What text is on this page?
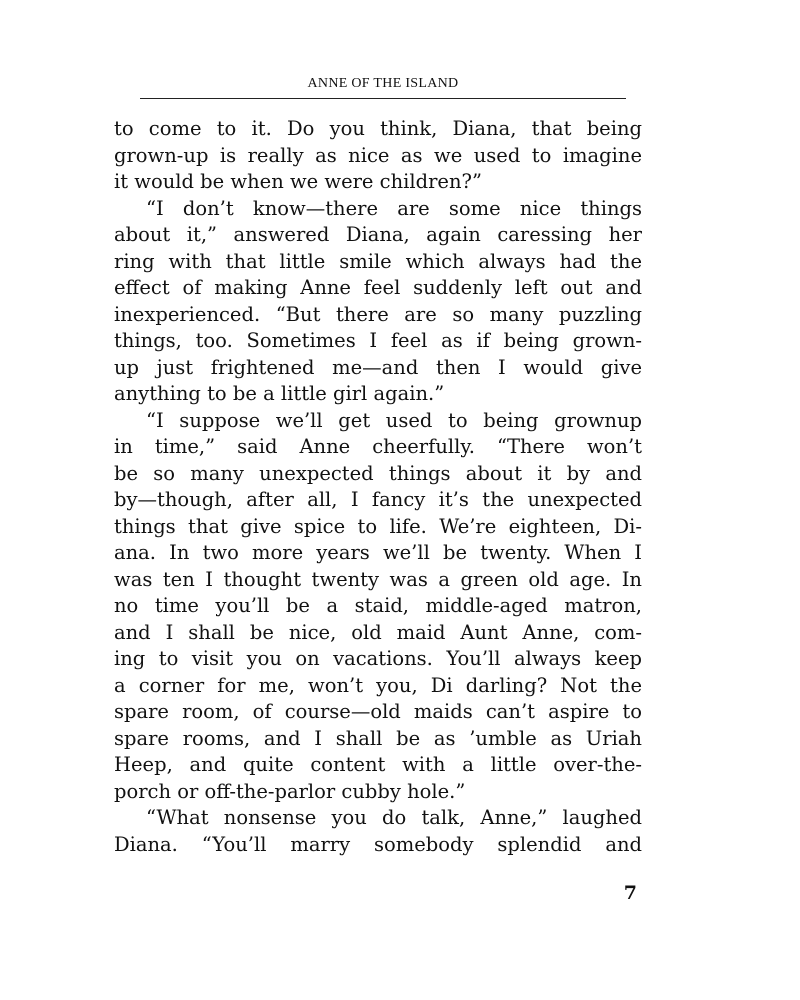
ANNE OF THE ISLAND
to come to it. Do you think, Diana, that being
grown-up is really as nice as we used to imagine
it would be when we were children?”
“I don’t know—there are some nice things
about it,” answered Diana, again caressing her
ring with that little smile which always had the
effect of making Anne feel suddenly left out and
inexperienced. “But there are so many puzzling
things, too. Sometimes I feel as if being grown-
up just frightened me—and then I would give
anything to be a little girl again.”
“I suppose we’ll get used to being grownup
in time,” said Anne cheerfully. “There won’t
be so many unexpected things about it by and
by—though, after all, I fancy it’s the unexpected
things that give spice to life. We’re eighteen, Di-
ana. In two more years we’ll be twenty. When I
was ten I thought twenty was a green old age. In
no time you’ll be a staid, middle-aged matron,
and I shall be nice, old maid Aunt Anne, com-
ing to visit you on vacations. You’ll always keep
a corner for me, won’t you, Di darling? Not the
spare room, of course—old maids can’t aspire to
spare rooms, and I shall be as ’umble as Uriah
Heep, and quite content with a little over-the-
porch or off-the-parlor cubby hole.”
“What nonsense you do talk, Anne,” laughed
Diana. “You’ll marry somebody splendid and
7
